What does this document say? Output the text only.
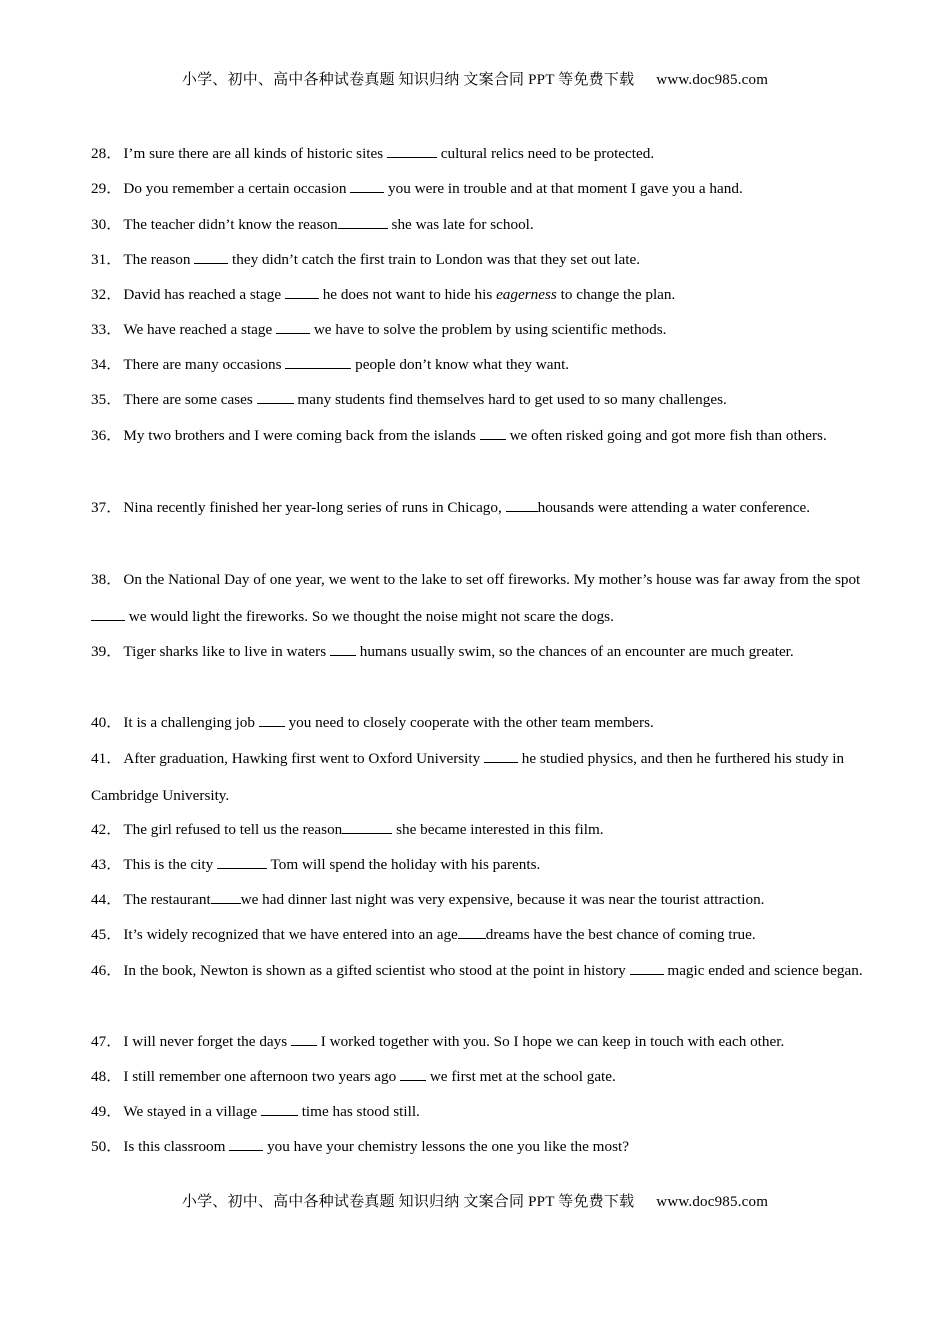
小学、初中、高中各种试卷真题 知识归纳 文案合同 PPT 等免费下载 www.doc985.com

28． I’m sure there are all kinds of historic sites	cultural relics need to be protected.

29． Do you remember a certain occasion  you were in trouble and at that moment I gave you a hand.

30． The teacher didn’t know the reason	she was late for school.

31． The reason  they didn’t catch the first train to London was that they set out late.

32． David has reached a stage  he does not want to hide his eagerness to change the plan.

33． We have reached a stage  we have to solve the problem by using scientific methods.

34． There are many occasions	people don’t know what they want.

35． There are some cases  many students find themselves hard to get used to so many challenges.

36． My two brothers and I were coming back from the islands  we often risked going and got more fish than others.

37． Nina recently finished her year-long series of runs in Chicago, housands were attending a water conference.

38． On the National Day of one year, we went to the lake to set off fireworks. My mother’s house was far away from the spot  we would light the fireworks. So we thought the noise might not scare the dogs.

39． Tiger sharks like to live in waters  humans usually swim, so the chances of an encounter are much greater.

40． It is a challenging job  you need to closely cooperate with the other team members.

41． After graduation, Hawking first went to Oxford University  he studied physics, and then he furthered his study in Cambridge University.

42． The girl refused to tell us the reason	she became interested in this film.

43． This is the city	Tom will spend the holiday with his parents.

44． The restaurant we had dinner last night was very expensive, because it was near the tourist attraction.

45． It’s widely recognized that we have entered into an age dreams have the best chance of coming true.

46． In the book, Newton is shown as a gifted scientist who stood at the point in history  magic ended and science began.

47． I will never forget the days  I worked together with you. So I hope we can keep in touch with each other.

48． I still remember one afternoon two years ago  we first met at the school gate.

49． We stayed in a village  time has stood still.

50． Is this classroom  you have your chemistry lessons the one you like the most?

小学、初中、高中各种试卷真题 知识归纳 文案合同 PPT 等免费下载 www.doc985.com
